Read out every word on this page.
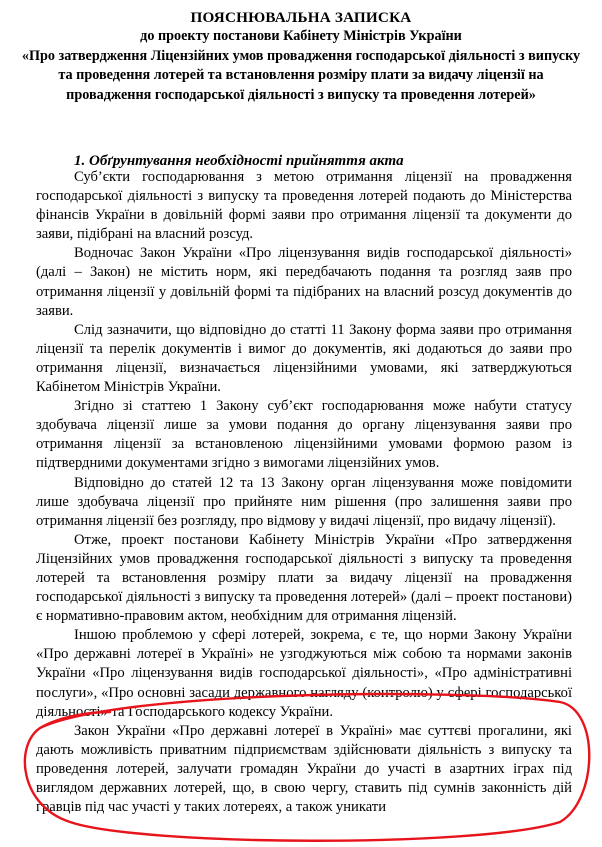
ПОЯСНЮВАЛЬНА ЗАПИСКА
до проекту постанови Кабінету Міністрів України
«Про затвердження Ліцензійних умов провадження господарської діяльності з випуску та проведення лотерей та встановлення розміру плати за видачу ліцензії на провадження господарської діяльності з випуску та проведення лотерей»
1. Обґрунтування необхідності прийняття акта

Суб’єкти господарювання з метою отримання ліцензії на провадження господарської діяльності з випуску та проведення лотерей подають до Міністерства фінансів України в довільній формі заяви про отримання ліцензії та документи до заяви, підібрані на власний розсуд.

Водночас Закон України «Про ліцензування видів господарської діяльності» (далі – Закон) не містить норм, які передбачають подання та розгляд заяв про отримання ліцензії у довільній формі та підібраних на власний розсуд документів до заяви.

Слід зазначити, що відповідно до статті 11 Закону форма заяви про отримання ліцензії та перелік документів і вимог до документів, які додаються до заяви про отримання ліцензії, визначається ліцензійними умовами, які затверджуються Кабінетом Міністрів України.

Згідно зі статтею 1 Закону суб’єкт господарювання може набути статусу здобувача ліцензії лише за умови подання до органу ліцензування заяви про отримання ліцензії за встановленою ліцензійними умовами формою разом із підтвердними документами згідно з вимогами ліцензійних умов.

Відповідно до статей 12 та 13 Закону орган ліцензування може повідомити лише здобувача ліцензії про прийняте ним рішення (про залишення заяви про отримання ліцензії без розгляду, про відмову у видачі ліцензії, про видачу ліцензії).

Отже, проект постанови Кабінету Міністрів України «Про затвердження Ліцензійних умов провадження господарської діяльності з випуску та проведення лотерей та встановлення розміру плати за видачу ліцензії на провадження господарської діяльності з випуску та проведення лотерей» (далі – проект постанови) є нормативно-правовим актом, необхідним для отримання ліцензій.

Іншою проблемою у сфері лотерей, зокрема, є те, що норми Закону України «Про державні лотереї в Україні» не узгоджуються між собою та нормами законів України «Про ліцензування видів господарської діяльності», «Про адміністративні послуги», «Про основні засади державного нагляду (контролю) у сфері господарської діяльності» та Господарського кодексу України.

Закон України «Про державні лотереї в Україні» має суттєві прогалини, які дають можливість приватним підприємствам здійснювати діяльність з випуску та проведення лотерей, залучати громадян України до участі в азартних іграх під виглядом державних лотерей, що, в свою чергу, ставить під сумнів законність дій гравців під час участі у таких лотереях, а також уникати
